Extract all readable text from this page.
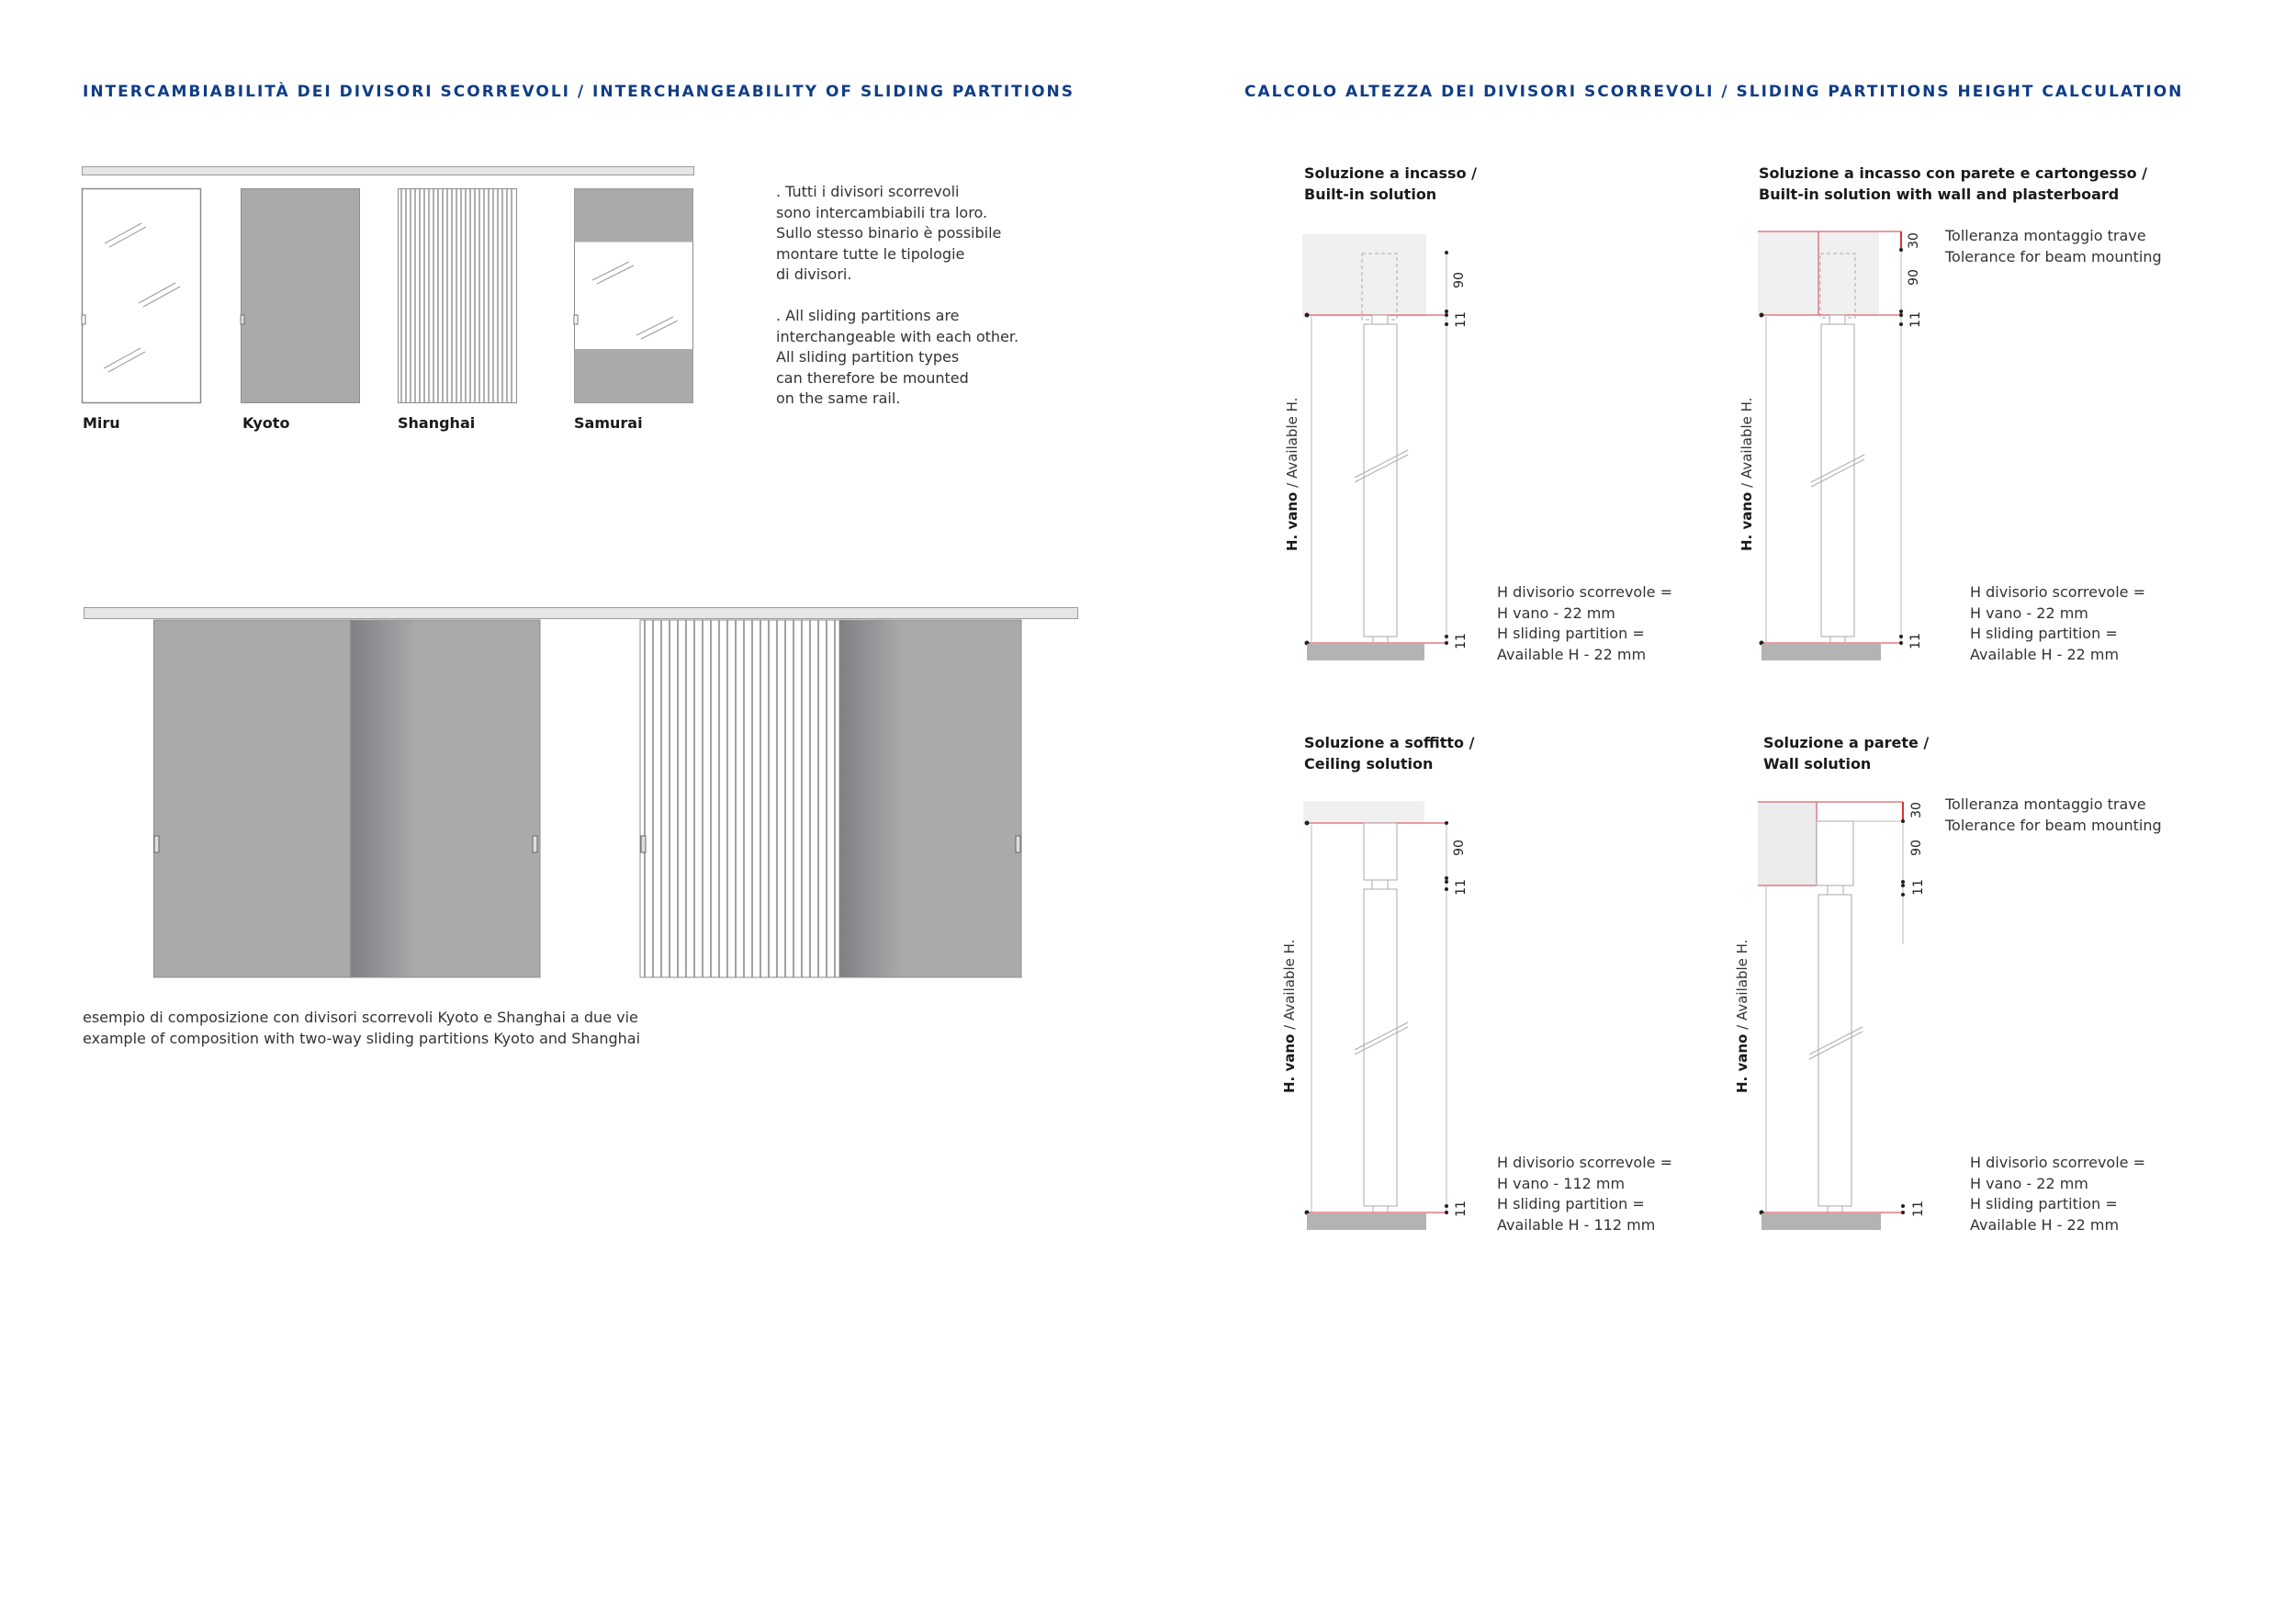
INTERCAMBIABILITÀ DEI DIVISORI SCORREVOLI / INTERCHANGEABILITY OF SLIDING PARTITIONS
Miru	Kyoto	Shanghai	Samurai
. Tutti i divisori scorrevoli
sono intercambiabili tra loro.
Sullo stesso binario è possibile
montare tutte le tipologie
di divisori.
. All sliding partitions are
interchangeable with each other.
All sliding partition types
can therefore be mounted
on the same rail.
esempio di composizione con divisori scorrevoli Kyoto e Shanghai a due vie
example of composition with two-way sliding partitions Kyoto and Shanghai
CALCOLO ALTEZZA DEI DIVISORI SCORREVOLI / SLIDING PARTITIONS HEIGHT CALCULATION
Soluzione a incasso /
Built-in solution
90
11
11
H. vano / Available H.
H divisorio scorrevole =
H vano - 22 mm
H sliding partition =
Available H - 22 mm
Soluzione a incasso con parete e cartongesso /
Built-in solution with wall and plasterboard
30
90
11
11
Tolleranza montaggio trave
Tolerance for beam mounting
H. vano / Available H.
H divisorio scorrevole =
H vano - 22 mm
H sliding partition =
Available H - 22 mm
Soluzione a soffitto /
Ceiling solution
90
11
11
H. vano / Available H.
H divisorio scorrevole =
H vano - 112 mm
H sliding partition =
Available H - 112 mm
Soluzione a parete /
Wall solution
30
90
11
11
Tolleranza montaggio trave
Tolerance for beam mounting
H. vano / Available H.
H divisorio scorrevole =
H vano - 22 mm
H sliding partition =
Available H - 22 mm
